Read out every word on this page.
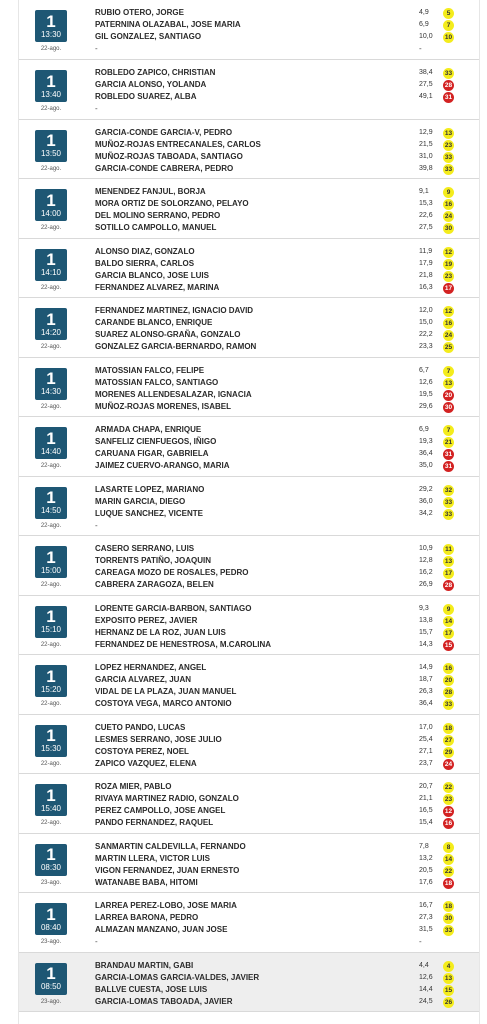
1
13:30
22-ago.
RUBIO OTERO, JORGE	4,9	5
PATERNINA OLAZABAL, JOSE MARIA	6,9	7
GIL GONZALEZ, SANTIAGO	10,0	10
-	-
1
13:40
22-ago.
ROBLEDO ZAPICO, CHRISTIAN	38,4	33
GARCIA ALONSO, YOLANDA	27,5	28
ROBLEDO SUAREZ, ALBA	49,1	31
-
1
13:50
22-ago.
GARCIA-CONDE GARCIA-V, PEDRO	12,9	13
MUÑOZ-ROJAS ENTRECANALES, CARLOS	21,5	23
MUÑOZ-ROJAS TABOADA, SANTIAGO	31,0	33
GARCIA-CONDE CABRERA, PEDRO	39,8	33
1
14:00
22-ago.
MENENDEZ FANJUL, BORJA	9,1	9
MORA ORTIZ DE SOLORZANO, PELAYO	15,3	16
DEL MOLINO SERRANO, PEDRO	22,6	24
SOTILLO CAMPOLLO, MANUEL	27,5	30
1
14:10
22-ago.
ALONSO DIAZ, GONZALO	11,9	12
BALDO SIERRA, CARLOS	17,9	19
GARCIA BLANCO, JOSE LUIS	21,8	23
FERNANDEZ ALVAREZ, MARINA	16,3	17
1
14:20
22-ago.
FERNANDEZ MARTINEZ, IGNACIO DAVID	12,0	12
CARANDE BLANCO, ENRIQUE	15,0	16
SUAREZ ALONSO-GRAÑA, GONZALO	22,2	24
GONZALEZ GARCIA-BERNARDO, RAMON	23,3	25
1
14:30
22-ago.
MATOSSIAN FALCO, FELIPE	6,7	7
MATOSSIAN FALCO, SANTIAGO	12,6	13
MORENES ALLENDESALAZAR, IGNACIA	19,5	20
MUÑOZ-ROJAS MORENES, ISABEL	29,6	30
1
14:40
22-ago.
ARMADA CHAPA, ENRIQUE	6,9	7
SANFELIZ CIENFUEGOS, IÑIGO	19,3	21
CARUANA FIGAR, GABRIELA	36,4	31
JAIMEZ CUERVO-ARANGO, MARIA	35,0	31
1
14:50
22-ago.
LASARTE LOPEZ, MARIANO	29,2	32
MARIN GARCIA, DIEGO	36,0	33
LUQUE SANCHEZ, VICENTE	34,2	33
-
1
15:00
22-ago.
CASERO SERRANO, LUIS	10,9	11
TORRENTS PATIÑO, JOAQUIN	12,8	13
CAREAGA MOZO DE ROSALES, PEDRO	16,2	17
CABRERA ZARAGOZA, BELEN	26,9	28
1
15:10
22-ago.
LORENTE GARCIA-BARBON, SANTIAGO	9,3	9
EXPOSITO PEREZ, JAVIER	13,8	14
HERNANZ DE LA ROZ, JUAN LUIS	15,7	17
FERNANDEZ DE HENESTROSA, M.CAROLINA	14,3	15
1
15:20
22-ago.
LOPEZ HERNANDEZ, ANGEL	14,9	16
GARCIA ALVAREZ, JUAN	18,7	20
VIDAL DE LA PLAZA, JUAN MANUEL	26,3	28
COSTOYA VEGA, MARCO ANTONIO	36,4	33
1
15:30
22-ago.
CUETO PANDO, LUCAS	17,0	18
LESMES SERRANO, JOSE JULIO	25,4	27
COSTOYA PEREZ, NOEL	27,1	29
ZAPICO VAZQUEZ, ELENA	23,7	24
1
15:40
22-ago.
ROZA MIER, PABLO	20,7	22
RIVAYA MARTINEZ RADIO, GONZALO	21,1	23
PEREZ CAMPOLLO, JOSE ANGEL	16,5	12
PANDO FERNANDEZ, RAQUEL	15,4	16
1
08:30
23-ago.
SANMARTIN CALDEVILLA, FERNANDO	7,8	8
MARTIN LLERA, VICTOR LUIS	13,2	14
VIGON FERNANDEZ, JUAN ERNESTO	20,5	22
WATANABE BABA, HITOMI	17,6	18
1
08:40
23-ago.
LARREA PEREZ-LOBO, JOSE MARIA	16,7	18
LARREA BARONA, PEDRO	27,3	30
ALMAZAN MANZANO, JUAN JOSE	31,5	33
-	-
1
08:50
23-ago.
BRANDAU MARTIN, GABI	4,4	4
GARCIA-LOMAS GARCIA-VALDES, JAVIER	12,6	13
BALLVE CUESTA, JOSE LUIS	14,4	15
GARCIA-LOMAS TABOADA, JAVIER	24,5	26
